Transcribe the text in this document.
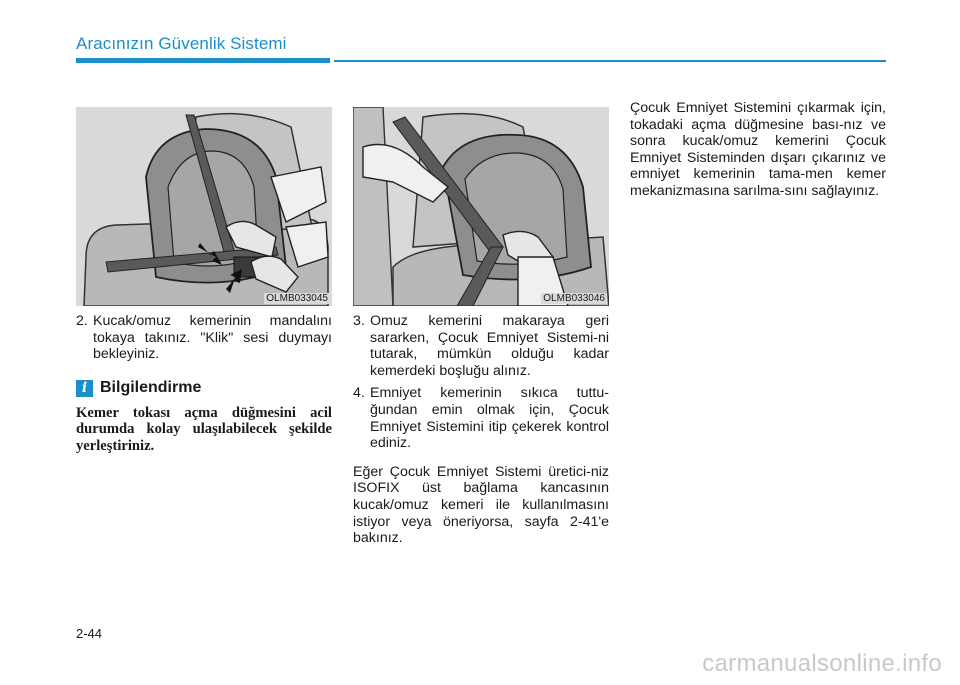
Aracınızın Güvenlik Sistemi
OLMB033045	OLMB033046
2. Kucak/omuz kemerinin mandalını tokaya takınız. "Klik" sesi duymayı bekleyiniz.
i Bilgilendirme
Kemer tokası açma düğmesini acil durumda kolay ulaşılabilecek şekilde yerleştiriniz.
3. Omuz kemerini makaraya geri sararken, Çocuk Emniyet Sistemi-ni tutarak, mümkün olduğu kadar kemerdeki boşluğu alınız.
4. Emniyet kemerinin sıkıca tuttu-ğundan emin olmak için, Çocuk Emniyet Sistemini itip çekerek kontrol ediniz.
Eğer Çocuk Emniyet Sistemi üretici-niz ISOFIX üst bağlama kancasının kucak/omuz kemeri ile kullanılmasını istiyor veya öneriyorsa, sayfa 2-41'e bakınız.
Çocuk Emniyet Sistemini çıkarmak için, tokadaki açma düğmesine bası-nız ve sonra kucak/omuz kemerini Çocuk Emniyet Sisteminden dışarı çıkarınız ve emniyet kemerinin tama-men kemer mekanizmasına sarılma-sını sağlayınız.
2-44
carmanualsonline.info
